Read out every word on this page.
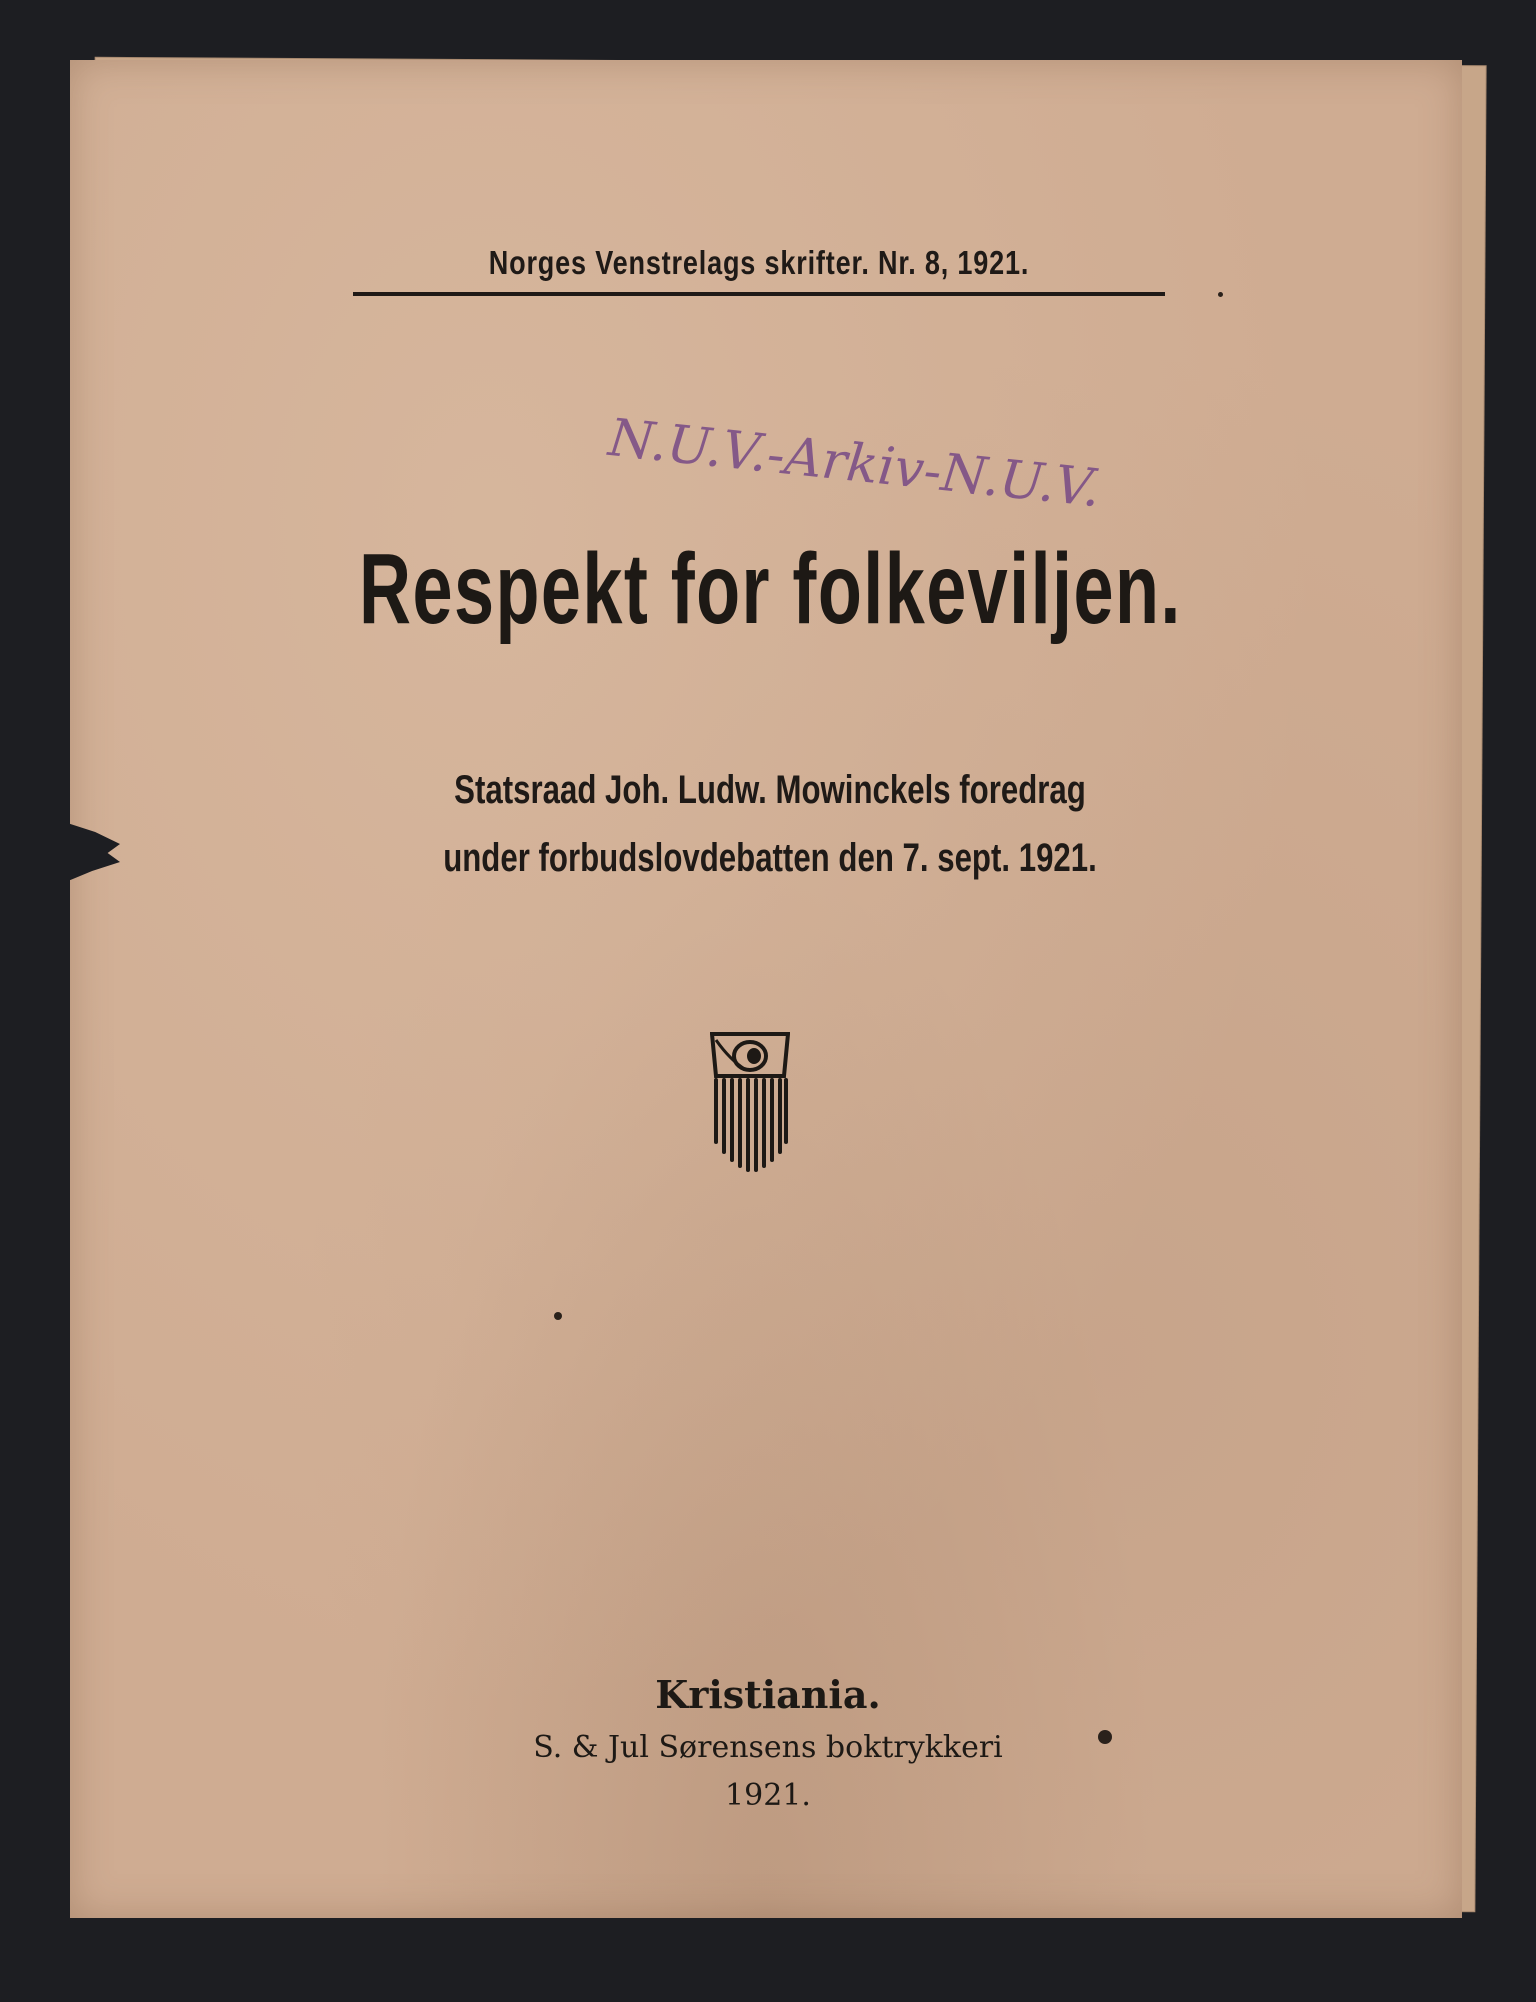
Norges Venstrelags skrifter. Nr. 8, 1921.
N.U.V.-Arkiv-N.U.V.
Respekt for folkeviljen.
Statsraad Joh. Ludw. Mowinckels foredrag
under forbudslovdebatten den 7. sept. 1921.
Kristiania.
S. & Jul Sørensens boktrykkeri
1921.
